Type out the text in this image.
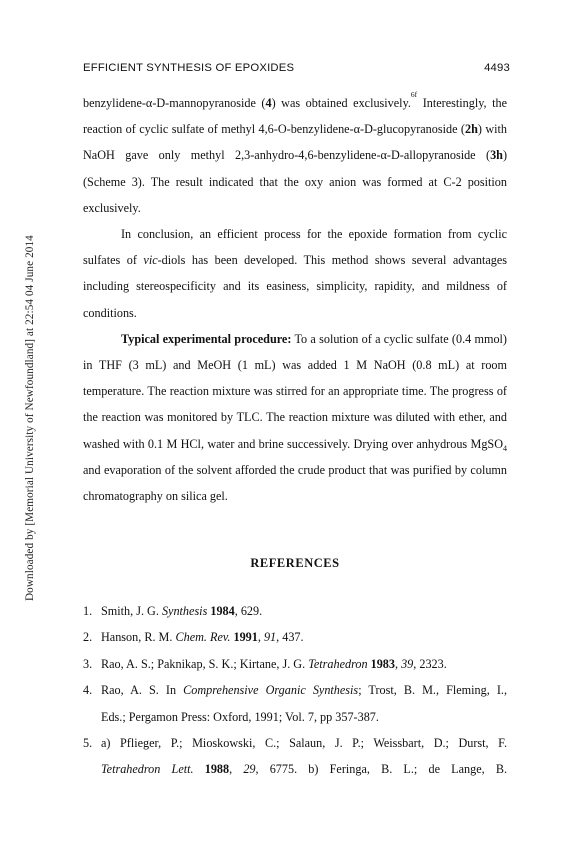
Downloaded by [Memorial University of Newfoundland] at 22:54 04 June 2014
EFFICIENT SYNTHESIS OF EPOXIDES	4493

benzylidene-α-D-mannopyranoside (4) was obtained exclusively.$^{6f}$ Interestingly, the reaction of cyclic sulfate of methyl 4,6-O-benzylidene-α-D-glucopyranoside (2h) with NaOH gave only methyl 2,3-anhydro-4,6-benzylidene-α-D-allopyranoside (3h) (Scheme 3). The result indicated that the oxy anion was formed at C-2 position exclusively.

In conclusion, an efficient process for the epoxide formation from cyclic sulfates of vic-diols has been developed. This method shows several advantages including stereospecificity and its easiness, simplicity, rapidity, and mildness of conditions.

Typical experimental procedure: To a solution of a cyclic sulfate (0.4 mmol) in THF (3 mL) and MeOH (1 mL) was added 1 M NaOH (0.8 mL) at room temperature. The reaction mixture was stirred for an appropriate time. The progress of the reaction was monitored by TLC. The reaction mixture was diluted with ether, and washed with 0.1 M HCl, water and brine successively. Drying over anhydrous MgSO$_4$ and evaporation of the solvent afforded the crude product that was purified by column chromatography on silica gel.

REFERENCES
1. Smith, J. G. Synthesis 1984, 629.
2. Hanson, R. M. Chem. Rev. 1991, 91, 437.
3. Rao, A. S.; Paknikap, S. K.; Kirtane, J. G. Tetrahedron 1983, 39, 2323.
4. Rao, A. S. In Comprehensive Organic Synthesis; Trost, B. M., Fleming, I.,
Eds.; Pergamon Press: Oxford, 1991; Vol. 7, pp 357-387.
5. a) Pflieger, P.; Mioskowski, C.; Salaun, J. P.; Weissbart, D.; Durst, F.
Tetrahedron Lett. 1988, 29, 6775. b) Feringa, B. L.; de Lange, B.
